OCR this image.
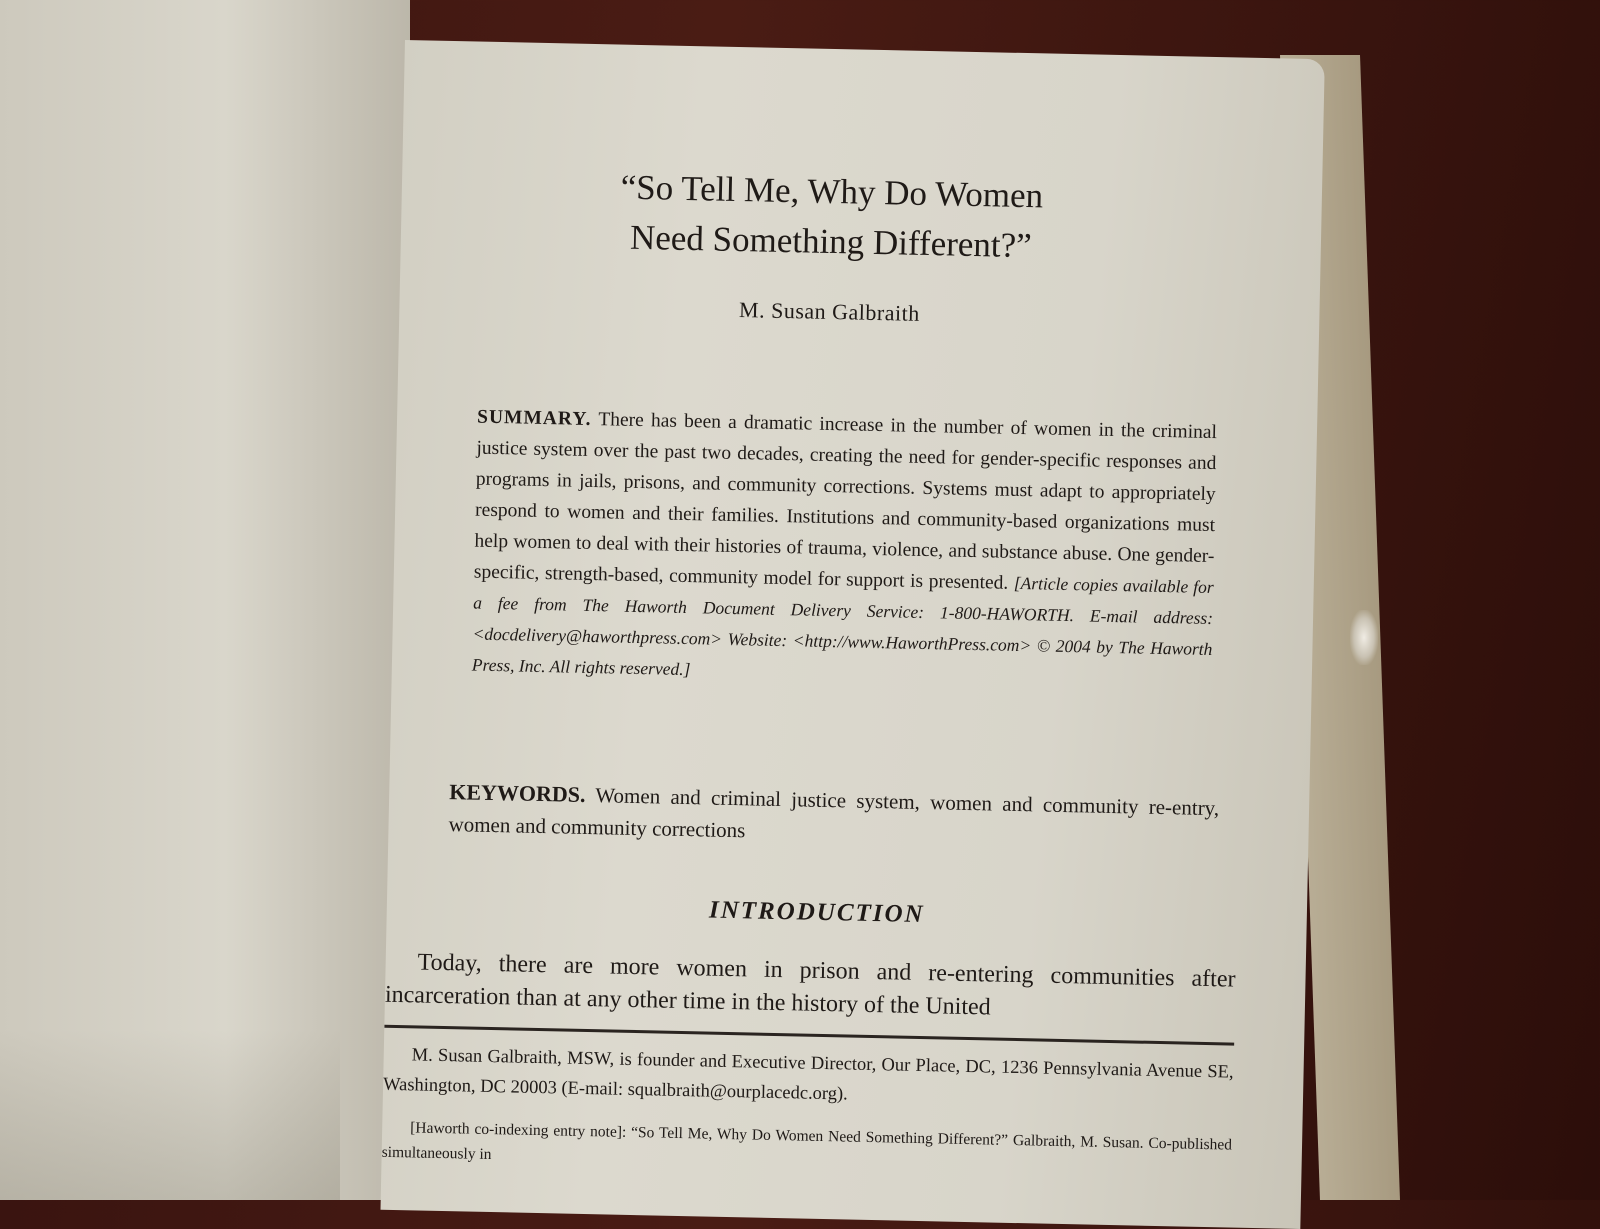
“So Tell Me, Why Do Women
Need Something Different?”
M. Susan Galbraith

SUMMARY. There has been a dramatic increase in the number of women in the criminal justice system over the past two decades, creating the need for gender-specific responses and programs in jails, prisons, and community corrections. Systems must adapt to appropriately respond to women and their families. Institutions and community-based organizations must help women to deal with their histories of trauma, violence, and substance abuse. One gender-specific, strength-based, community model for support is presented. [Article copies available for a fee from The Haworth Document Delivery Service: 1-800-HAWORTH. E-mail address: <docdelivery@haworthpress.com> Website: <http://www.HaworthPress.com> © 2004 by The Haworth Press, Inc. All rights reserved.]

KEYWORDS. Women and criminal justice system, women and community re-entry, women and community corrections

INTRODUCTION

Today, there are more women in prison and re-entering communities after incarceration than at any other time in the history of the United

M. Susan Galbraith, MSW, is founder and Executive Director, Our Place, DC, 1236 Pennsylvania Avenue SE, Washington, DC 20003 (E-mail: squalbraith@ourplacedc.org).

[Haworth co-indexing entry note]: “So Tell Me, Why Do Women Need Something Different?” Galbraith, M. Susan. Co-published simultaneously in
